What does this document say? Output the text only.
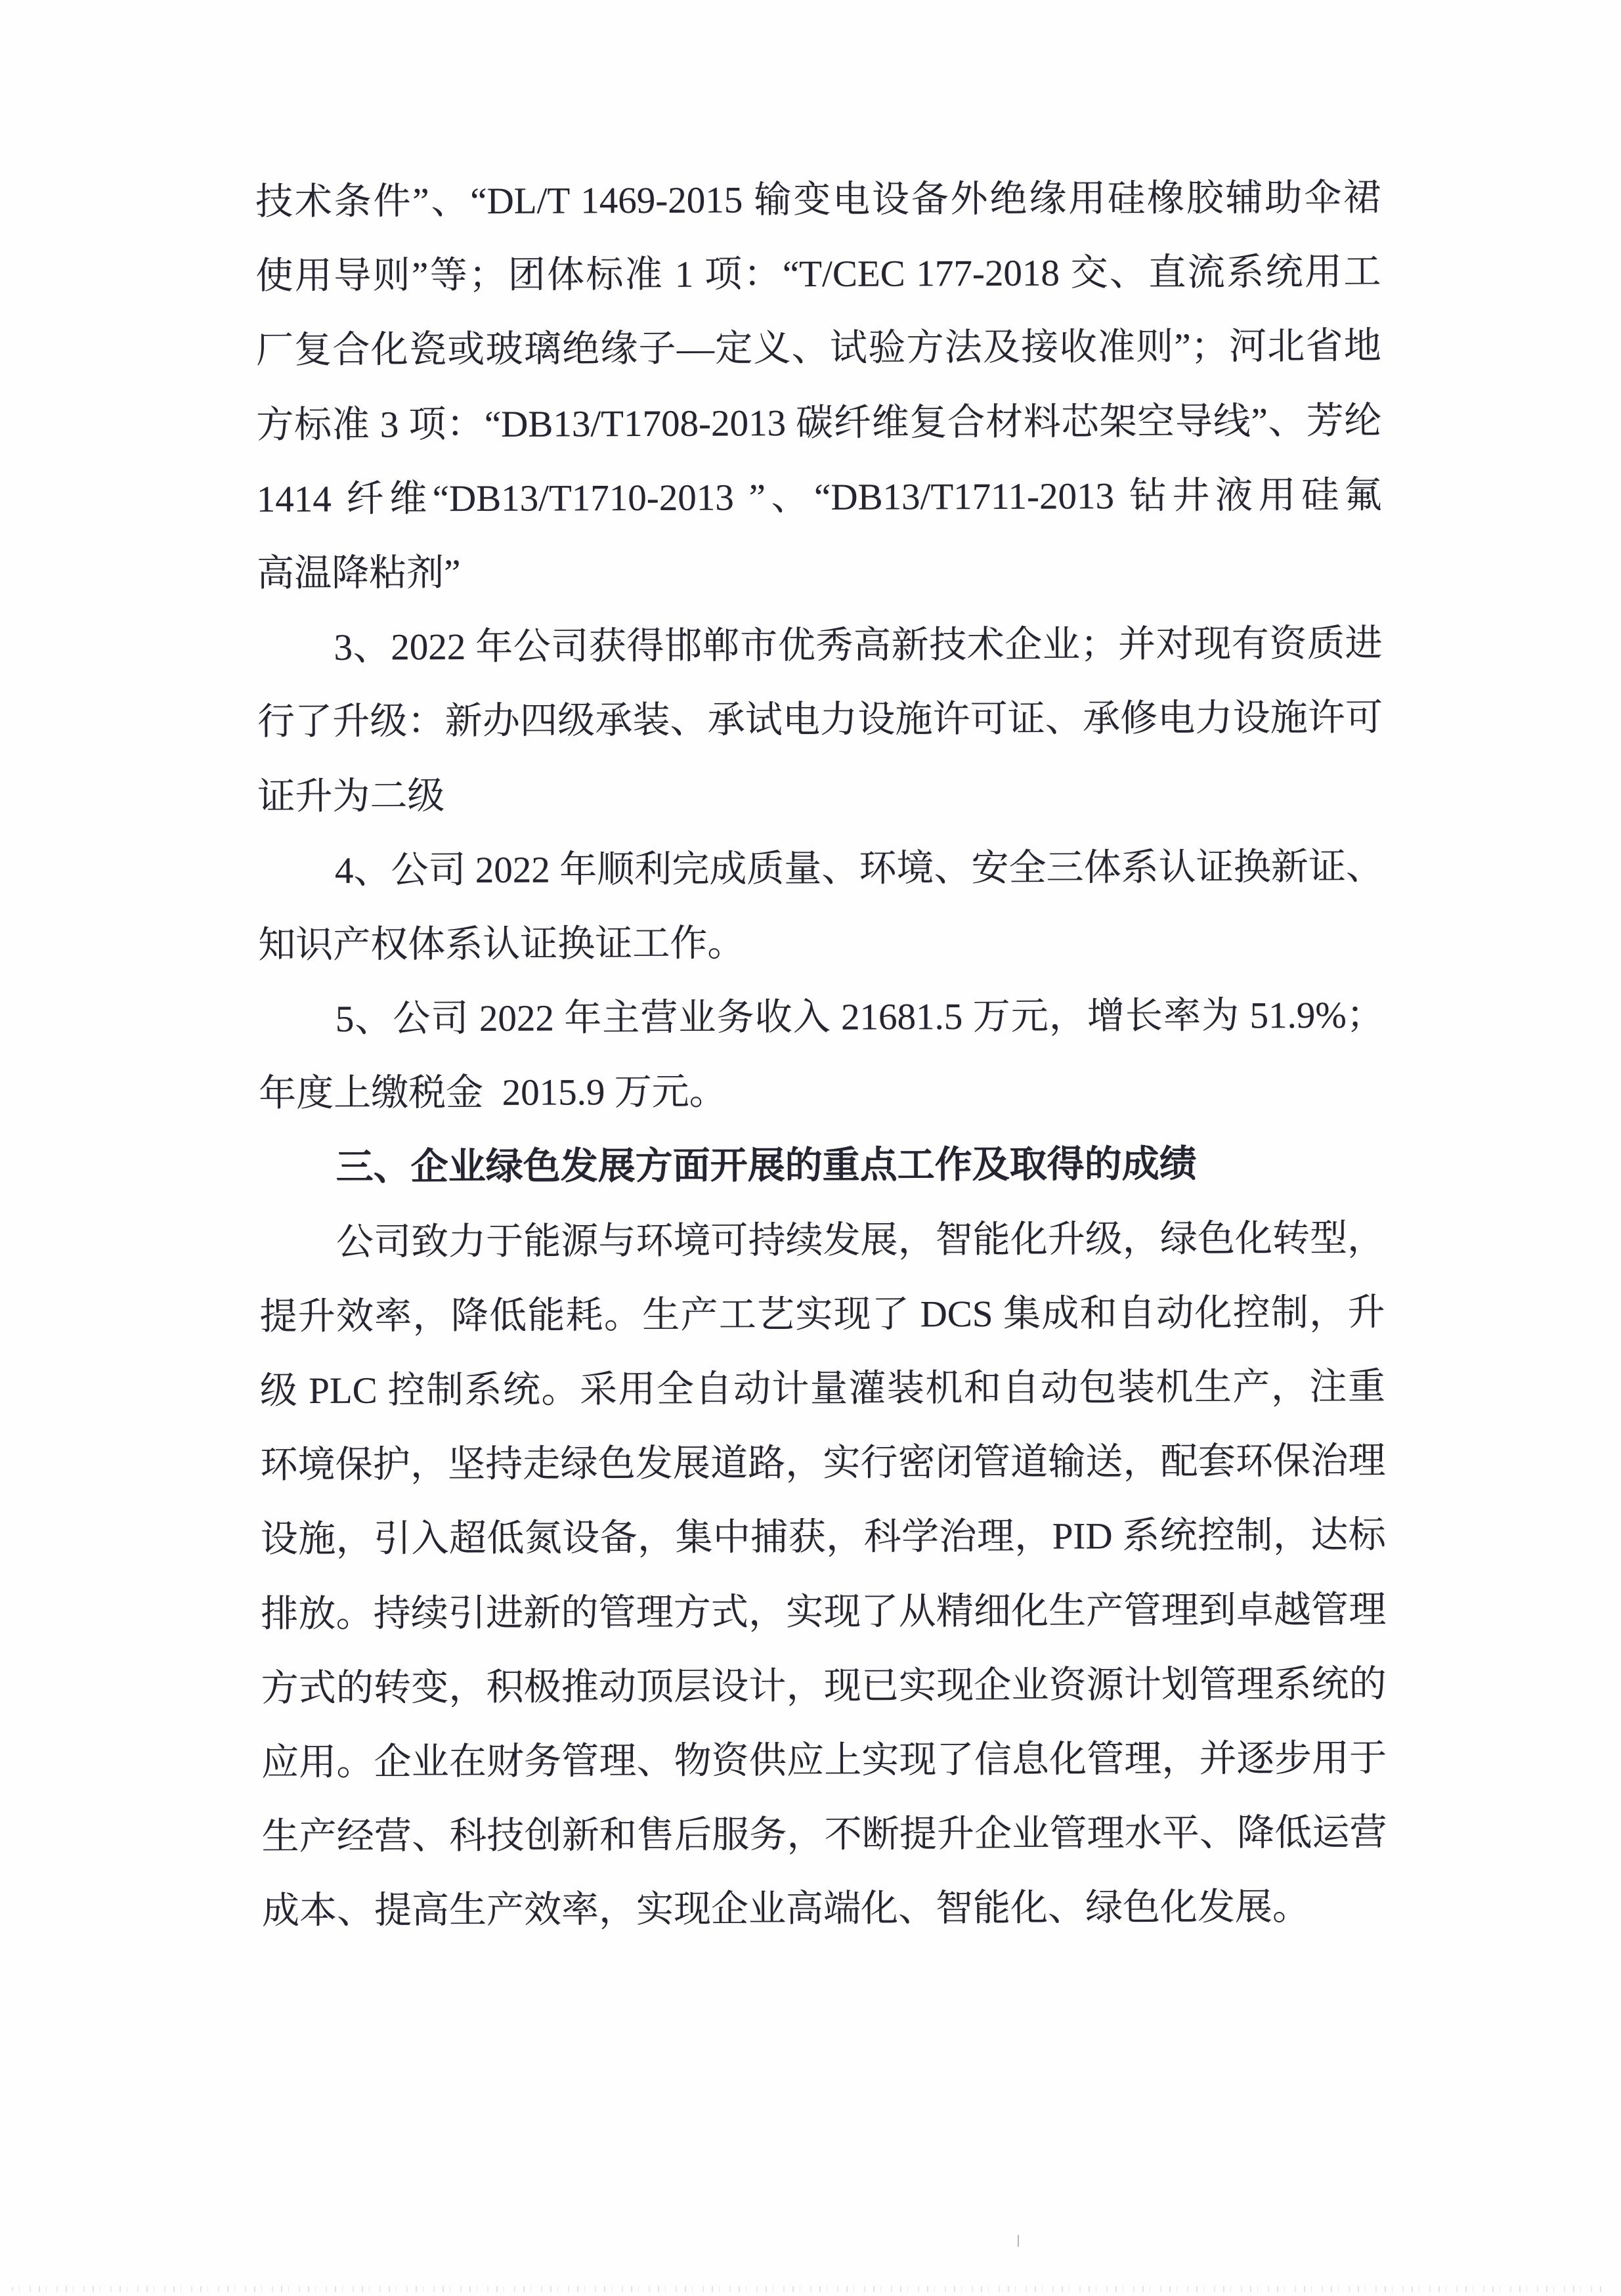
技术条件”、“DL/T 1469-2015 输变电设备外绝缘用硅橡胶辅助伞裙
使用导则”等；团体标准 1 项：“T/CEC 177-2018 交、直流系统用工
厂复合化瓷或玻璃绝缘子—定义、试验方法及接收准则”；河北省地
方标准 3 项：“DB13/T1708-2013 碳纤维复合材料芯架空导线”、芳纶
1414 纤维“DB13/T1710-2013 ”、“DB13/T1711-2013 钻井液用硅氟
高温降粘剂”
3、2022 年公司获得邯郸市优秀高新技术企业；并对现有资质进
行了升级：新办四级承装、承试电力设施许可证、承修电力设施许可
证升为二级
4、公司 2022 年顺利完成质量、环境、安全三体系认证换新证、
知识产权体系认证换证工作。
5、公司 2022 年主营业务收入 21681.5 万元，增长率为 51.9%；
年度上缴税金  2015.9 万元。
三、企业绿色发展方面开展的重点工作及取得的成绩
公司致力于能源与环境可持续发展，智能化升级，绿色化转型，
提升效率，降低能耗。生产工艺实现了 DCS 集成和自动化控制，升
级 PLC 控制系统。采用全自动计量灌装机和自动包装机生产，注重
环境保护，坚持走绿色发展道路，实行密闭管道输送，配套环保治理
设施，引入超低氮设备，集中捕获，科学治理，PID 系统控制，达标
排放。持续引进新的管理方式，实现了从精细化生产管理到卓越管理
方式的转变，积极推动顶层设计，现已实现企业资源计划管理系统的
应用。企业在财务管理、物资供应上实现了信息化管理，并逐步用于
生产经营、科技创新和售后服务，不断提升企业管理水平、降低运营
成本、提高生产效率，实现企业高端化、智能化、绿色化发展。
